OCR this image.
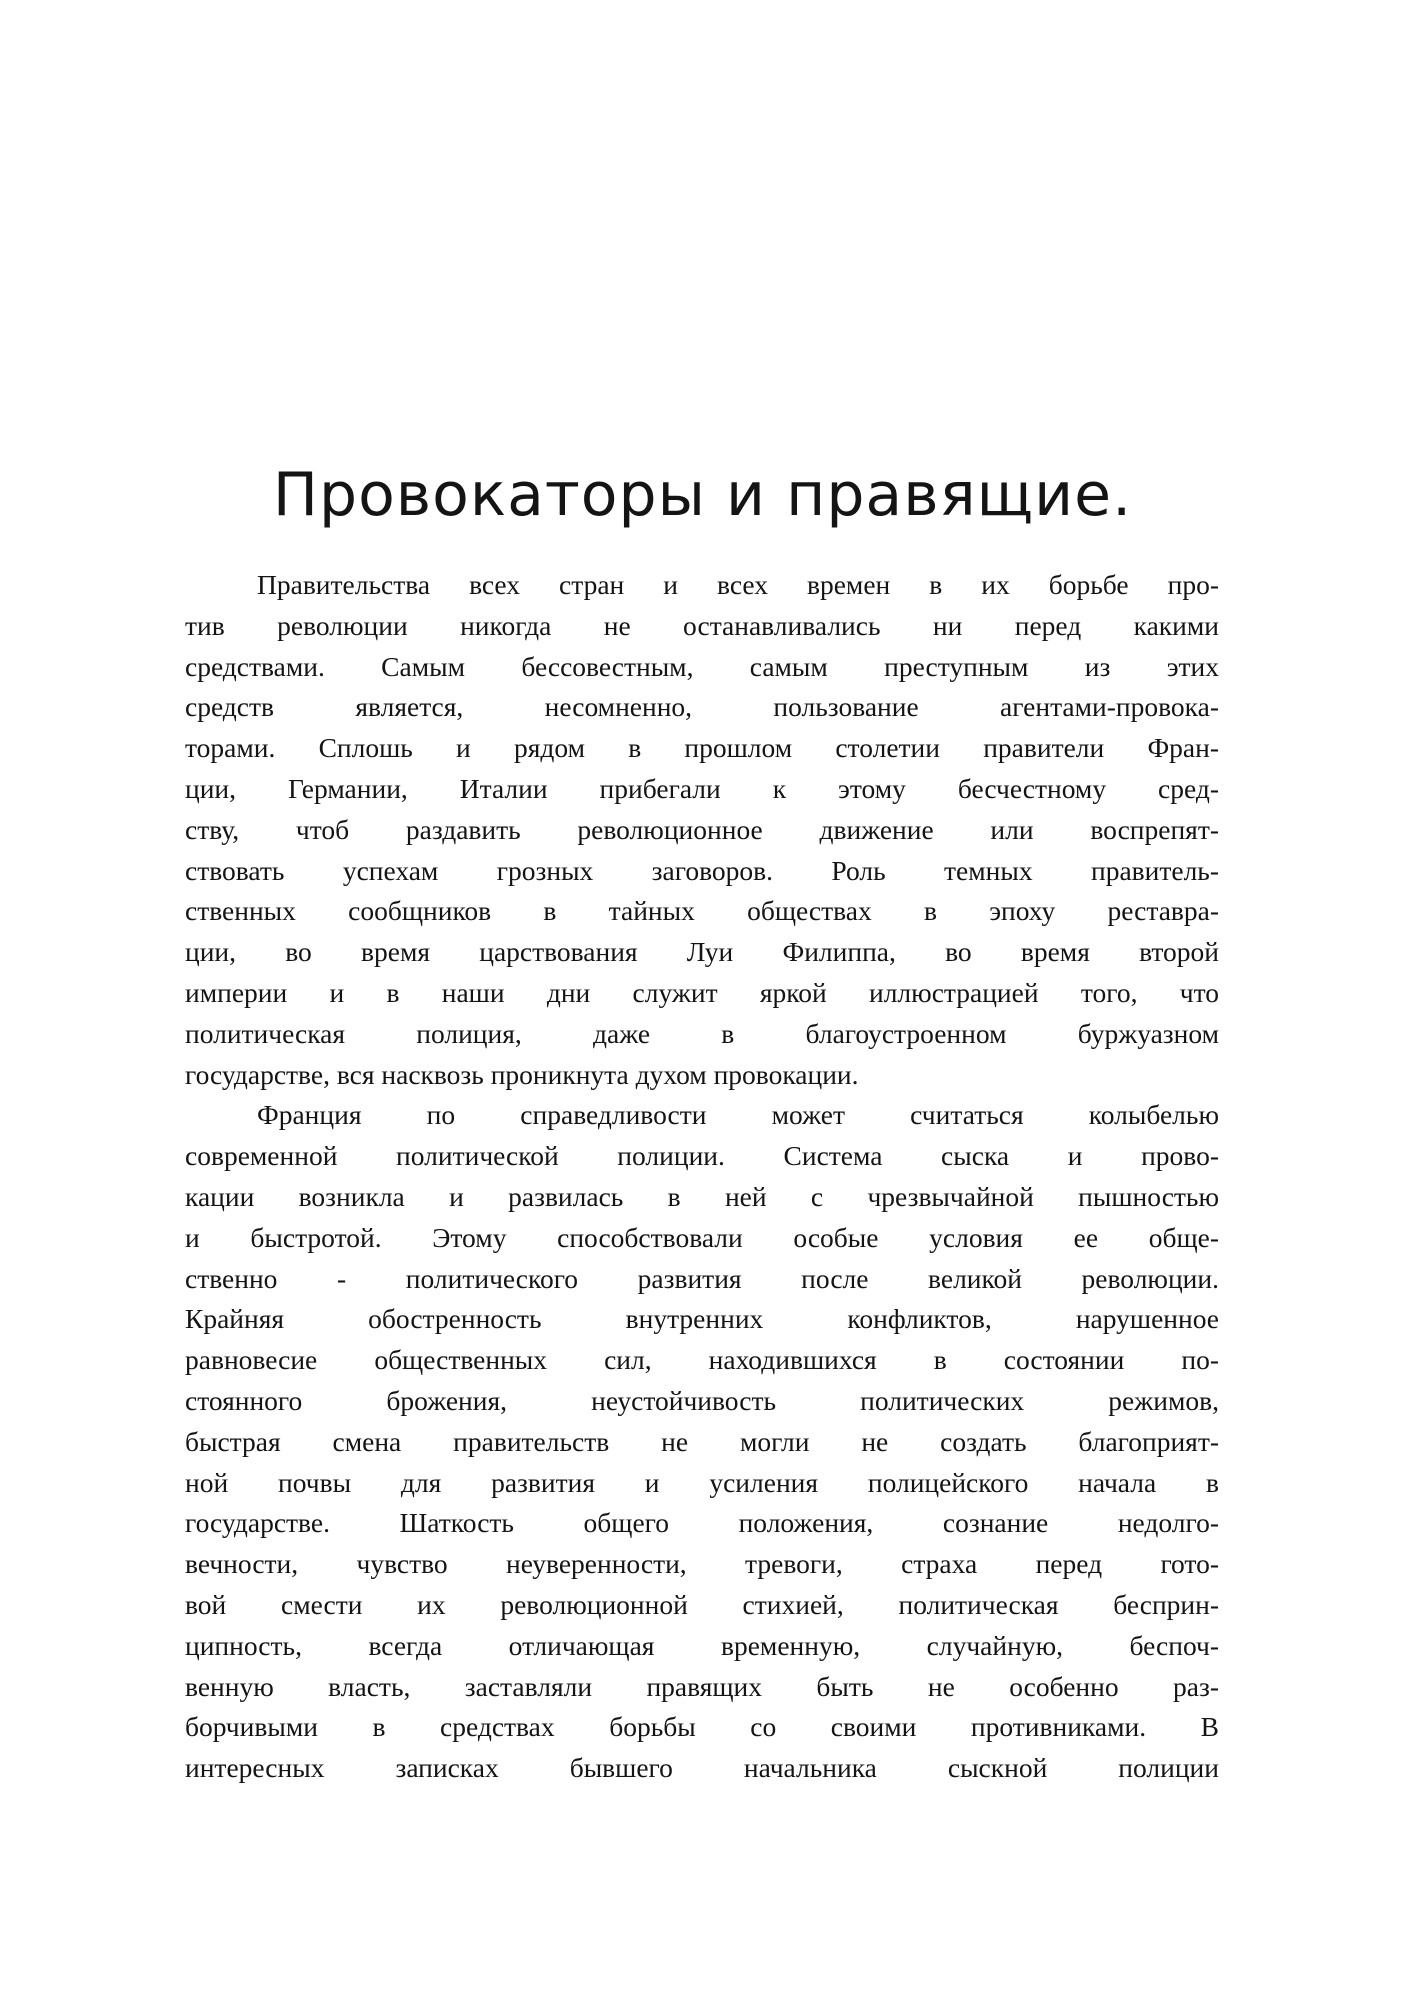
Провокаторы и правящие.
Правительства всех стран и всех времен в их борьбе про-
тив революции никогда не останавливались ни перед какими
средствами. Самым бессовестным, самым преступным из этих
средств является, несомненно, пользование агентами-провока-
торами. Сплошь и рядом в прошлом столетии правители Фран-
ции, Германии, Италии прибегали к этому бесчестному сред-
ству, чтоб раздавить революционное движение или воспрепят-
ствовать успехам грозных заговоров. Роль темных правитель-
ственных сообщников в тайных обществах в эпоху реставра-
ции, во время царствования Луи Филиппа, во время второй
империи и в наши дни служит яркой иллюстрацией того, что
политическая полиция, даже в благоустроенном буржуазном
государстве, вся насквозь проникнута духом провокации.
Франция по справедливости может считаться колыбелью
современной политической полиции. Система сыска и прово-
кации возникла и развилась в ней с чрезвычайной пышностью
и быстротой. Этому способствовали особые условия ее обще-
ственно - политического развития после великой революции.
Крайняя обостренность внутренних конфликтов, нарушенное
равновесие общественных сил, находившихся в состоянии по-
стоянного брожения, неустойчивость политических режимов,
быстрая смена правительств не могли не создать благоприят-
ной почвы для развития и усиления полицейского начала в
государстве. Шаткость общего положения, сознание недолго-
вечности, чувство неуверенности, тревоги, страха перед гото-
вой смести их революционной стихией, политическая бесприн-
ципность, всегда отличающая временную, случайную, беспоч-
венную власть, заставляли правящих быть не особенно раз-
борчивыми в средствах борьбы со своими противниками. В
интересных записках бывшего начальника сыскной полиции
